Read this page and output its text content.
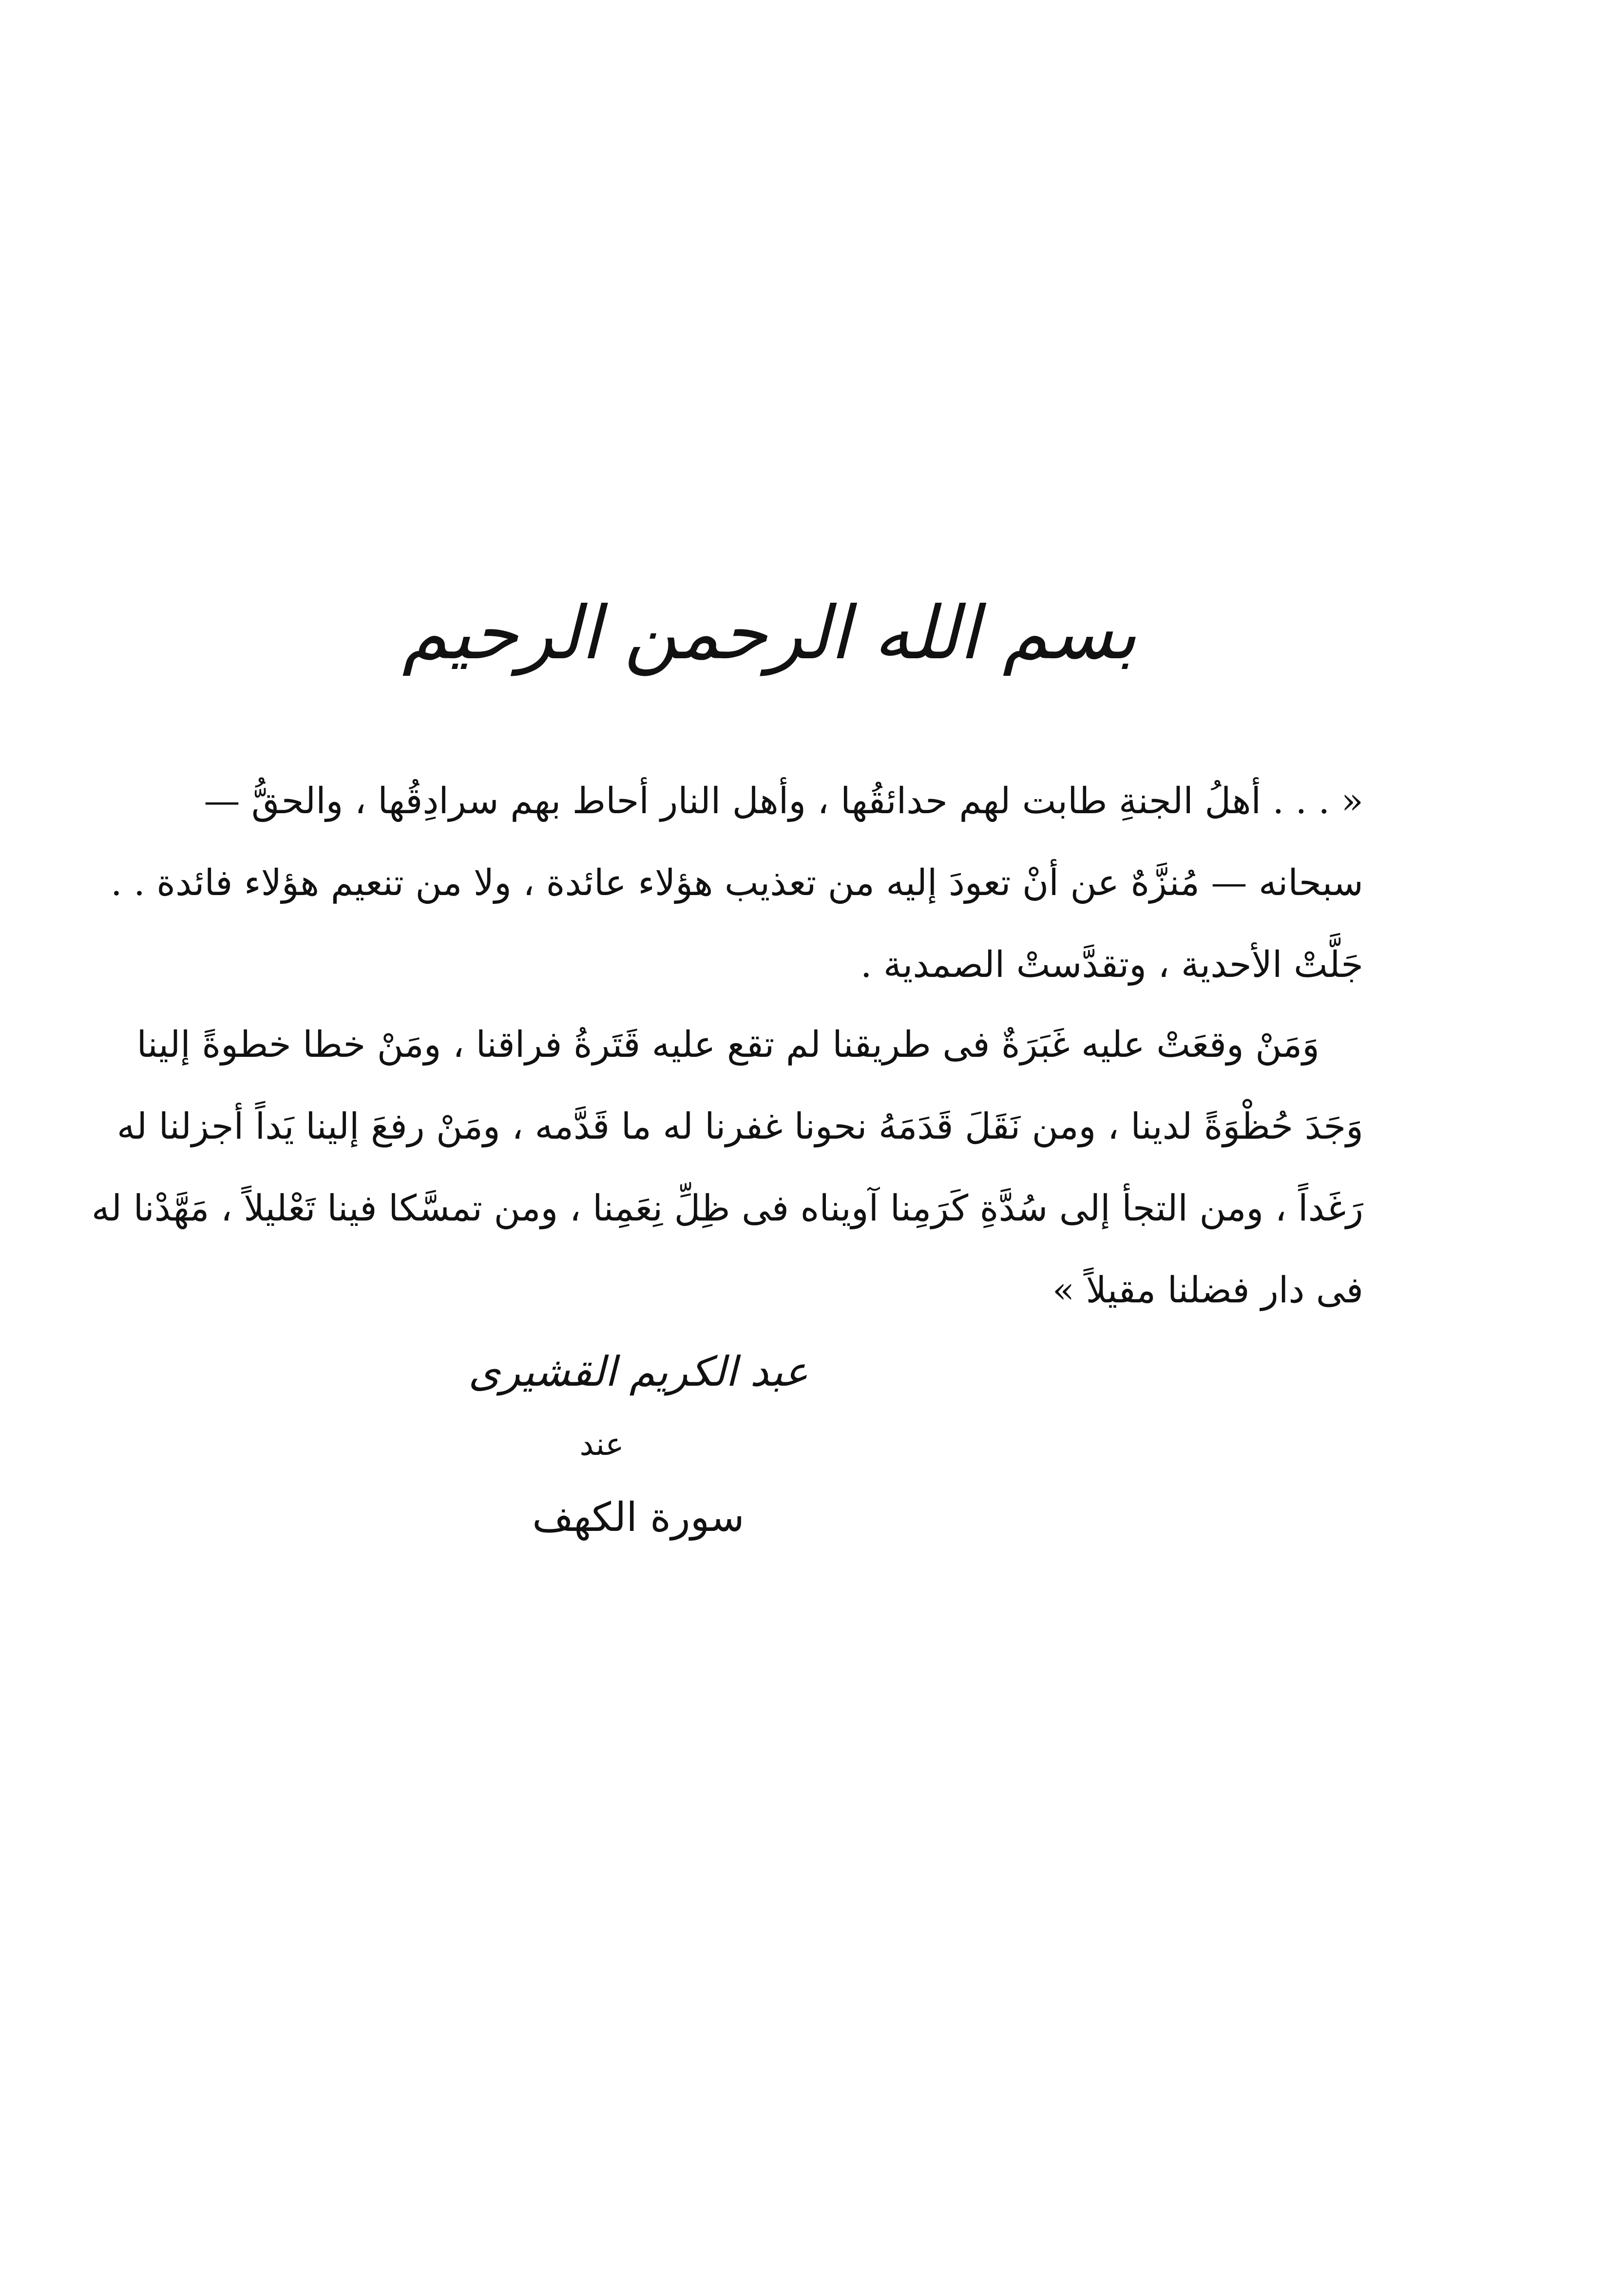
بسم الله الرحمن الرحيم
« . . . أهلُ الجنةِ طابت لهم حدائقُها ، وأهل النار أحاط بهم سرادِقُها ، والحقُّ —
سبحانه — مُنزَّهٌ عن أنْ تعودَ إليه من تعذيب هؤلاء عائدة ، ولا من تنعيم هؤلاء فائدة . .
جَلَّتْ الأحدية ، وتقدَّستْ الصمدية .
وَمَنْ وقعَتْ عليه غَبَرَةٌ فى طريقنا لم تقع عليه قَتَرةُ فراقنا ، ومَنْ خطا خطوةً إلينا
وَجَدَ حُظْوَةً لدينا ، ومن نَقَلَ قَدَمَهُ نحونا غفرنا له ما قَدَّمه ، ومَنْ رفعَ إلينا يَداً أجزلنا له
رَغَداً ، ومن التجأ إلى سُدَّةِ كَرَمِنا آويناه فى ظِلِّ نِعَمِنا ، ومن تمسَّكا فينا تَعْليلاً ، مَهَّدْنا له
فى دار فضلنا مقيلاً »
عبد الكريم القشيرى
عند
سورة الكهف
